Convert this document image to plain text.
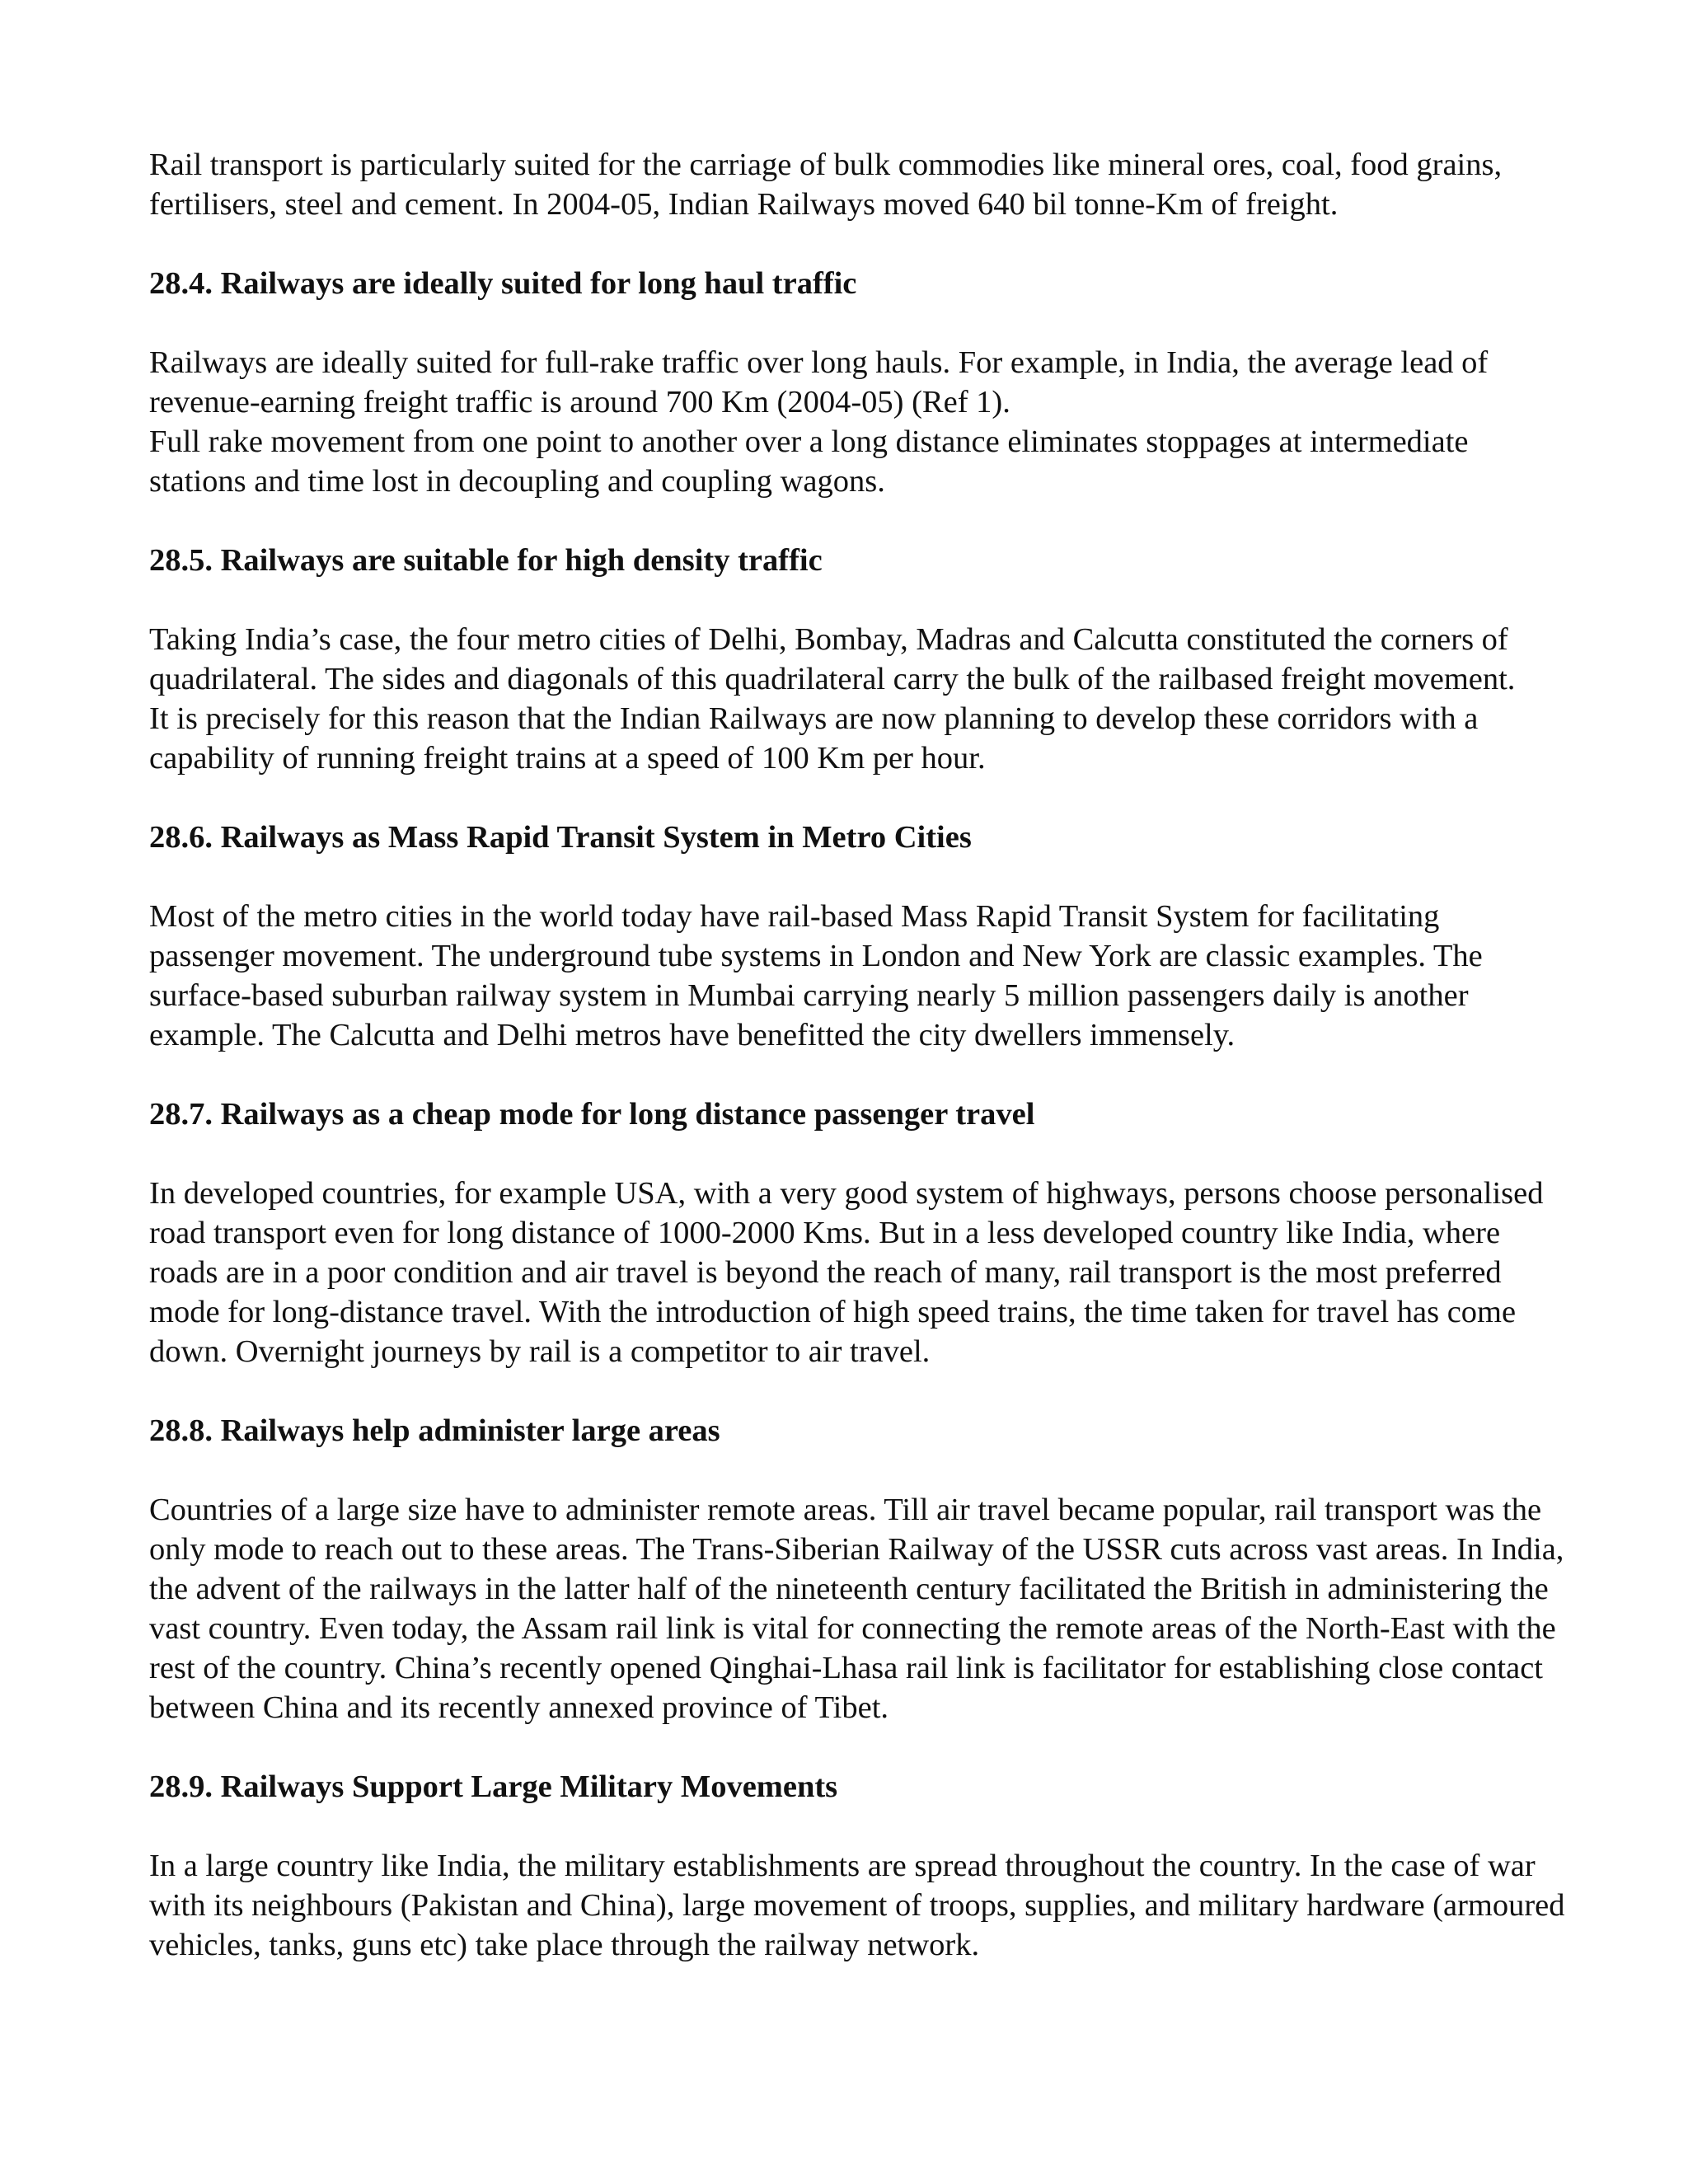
Rail transport is particularly suited for the carriage of bulk commodies like mineral ores, coal, food grains, fertilisers, steel and cement. In 2004-05, Indian Railways moved 640 bil tonne-Km of freight.

28.4. Railways are ideally suited for long haul traffic

Railways are ideally suited for full-rake traffic over long hauls. For example, in India, the average lead of revenue-earning freight traffic is around 700 Km (2004-05) (Ref 1).

Full rake movement from one point to another over a long distance eliminates stoppages at intermediate stations and time lost in decoupling and coupling wagons.

28.5. Railways are suitable for high density traffic

Taking India’s case, the four metro cities of Delhi, Bombay, Madras and Calcutta constituted the corners of quadrilateral. The sides and diagonals of this quadrilateral carry the bulk of the railbased freight movement.

It is precisely for this reason that the Indian Railways are now planning to develop these corridors with a capability of running freight trains at a speed of 100 Km per hour.

28.6. Railways as Mass Rapid Transit System in Metro Cities

Most of the metro cities in the world today have rail-based Mass Rapid Transit System for facilitating passenger movement. The underground tube systems in London and New York are classic examples. The surface-based suburban railway system in Mumbai carrying nearly 5 million passengers daily is another example. The Calcutta and Delhi metros have benefitted the city dwellers immensely.

28.7. Railways as a cheap mode for long distance passenger travel

In developed countries, for example USA, with a very good system of highways, persons choose personalised road transport even for long distance of 1000-2000 Kms. But in a less developed country like India, where roads are in a poor condition and air travel is beyond the reach of many, rail transport is the most preferred mode for long-distance travel. With the introduction of high speed trains, the time taken for travel has come down. Overnight journeys by rail is a competitor to air travel.

28.8. Railways help administer large areas

Countries of a large size have to administer remote areas. Till air travel became popular, rail transport was the only mode to reach out to these areas. The Trans-Siberian Railway of the USSR cuts across vast areas. In India, the advent of the railways in the latter half of the nineteenth century facilitated the British in administering the vast country. Even today, the Assam rail link is vital for connecting the remote areas of the North-East with the rest of the country. China’s recently opened Qinghai-Lhasa rail link is facilitator for establishing close contact between China and its recently annexed province of Tibet.

28.9. Railways Support Large Military Movements

In a large country like India, the military establishments are spread throughout the country. In the case of war with its neighbours (Pakistan and China), large movement of troops, supplies, and military hardware (armoured vehicles, tanks, guns etc) take place through the railway network.
